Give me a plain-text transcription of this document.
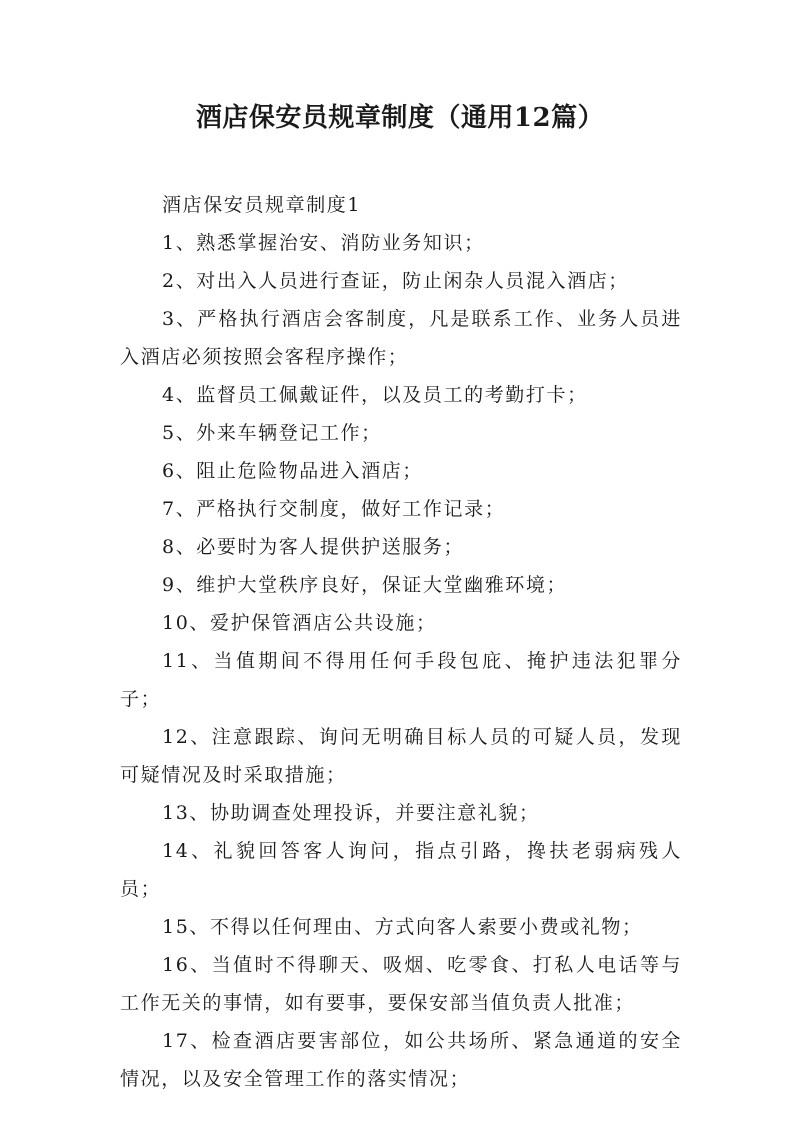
酒店保安员规章制度（通用12篇）

酒店保安员规章制度1

1、熟悉掌握治安、消防业务知识；

2、对出入人员进行查证，防止闲杂人员混入酒店；

3、严格执行酒店会客制度，凡是联系工作、业务人员进入酒店必须按照会客程序操作；

4、监督员工佩戴证件，以及员工的考勤打卡；

5、外来车辆登记工作；

6、阻止危险物品进入酒店；

7、严格执行交制度，做好工作记录；

8、必要时为客人提供护送服务；

9、维护大堂秩序良好，保证大堂幽雅环境；

10、爱护保管酒店公共设施；

11、当值期间不得用任何手段包庇、掩护违法犯罪分子；

12、注意跟踪、询问无明确目标人员的可疑人员，发现可疑情况及时采取措施；

13、协助调查处理投诉，并要注意礼貌；

14、礼貌回答客人询问，指点引路，搀扶老弱病残人员；

15、不得以任何理由、方式向客人索要小费或礼物；

16、当值时不得聊天、吸烟、吃零食、打私人电话等与工作无关的事情，如有要事，要保安部当值负责人批准；

17、检查酒店要害部位，如公共场所、紧急通道的安全情况，以及安全管理工作的落实情况；
